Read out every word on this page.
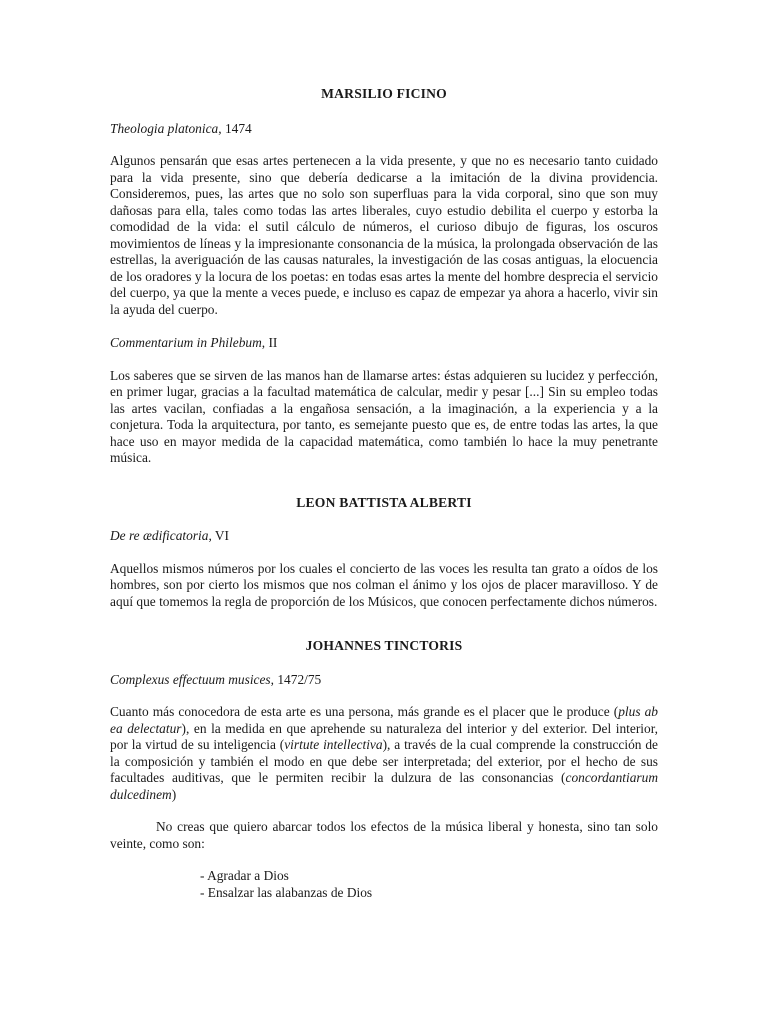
MARSILIO FICINO

Theologia platonica, 1474

Algunos pensarán que esas artes pertenecen a la vida presente, y que no es necesario tanto cuidado para la vida presente, sino que debería dedicarse a la imitación de la divina providencia. Consideremos, pues, las artes que no solo son superfluas para la vida corporal, sino que son muy dañosas para ella, tales como todas las artes liberales, cuyo estudio debilita el cuerpo y estorba la comodidad de la vida: el sutil cálculo de números, el curioso dibujo de figuras, los oscuros movimientos de líneas y la impresionante consonancia de la música, la prolongada observación de las estrellas, la averiguación de las causas naturales, la investigación de las cosas antiguas, la elocuencia de los oradores y la locura de los poetas: en todas esas artes la mente del hombre desprecia el servicio del cuerpo, ya que la mente a veces puede, e incluso es capaz de empezar ya ahora a hacerlo, vivir sin la ayuda del cuerpo.

Commentarium in Philebum, II

Los saberes que se sirven de las manos han de llamarse artes: éstas adquieren su lucidez y perfección, en primer lugar, gracias a la facultad matemática de calcular, medir y pesar [...] Sin su empleo todas las artes vacilan, confiadas a la engañosa sensación, a la imaginación, a la experiencia y a la conjetura. Toda la arquitectura, por tanto, es semejante puesto que es, de entre todas las artes, la que hace uso en mayor medida de la capacidad matemática, como también lo hace la muy penetrante música.

LEON BATTISTA ALBERTI

De re ædificatoria, VI

Aquellos mismos números por los cuales el concierto de las voces les resulta tan grato a oídos de los hombres, son por cierto los mismos que nos colman el ánimo y los ojos de placer maravilloso. Y de aquí que tomemos la regla de proporción de los Músicos, que conocen perfectamente dichos números.

JOHANNES TINCTORIS

Complexus effectuum musices, 1472/75

Cuanto más conocedora de esta arte es una persona, más grande es el placer que le produce (plus ab ea delectatur), en la medida en que aprehende su naturaleza del interior y del exterior. Del interior, por la virtud de su inteligencia (virtute intellectiva), a través de la cual comprende la construcción de la composición y también el modo en que debe ser interpretada; del exterior, por el hecho de sus facultades auditivas, que le permiten recibir la dulzura de las consonancias (concordantiarum dulcedinem)

No creas que quiero abarcar todos los efectos de la música liberal y honesta, sino tan solo veinte, como son:

- Agradar a Dios
- Ensalzar las alabanzas de Dios
